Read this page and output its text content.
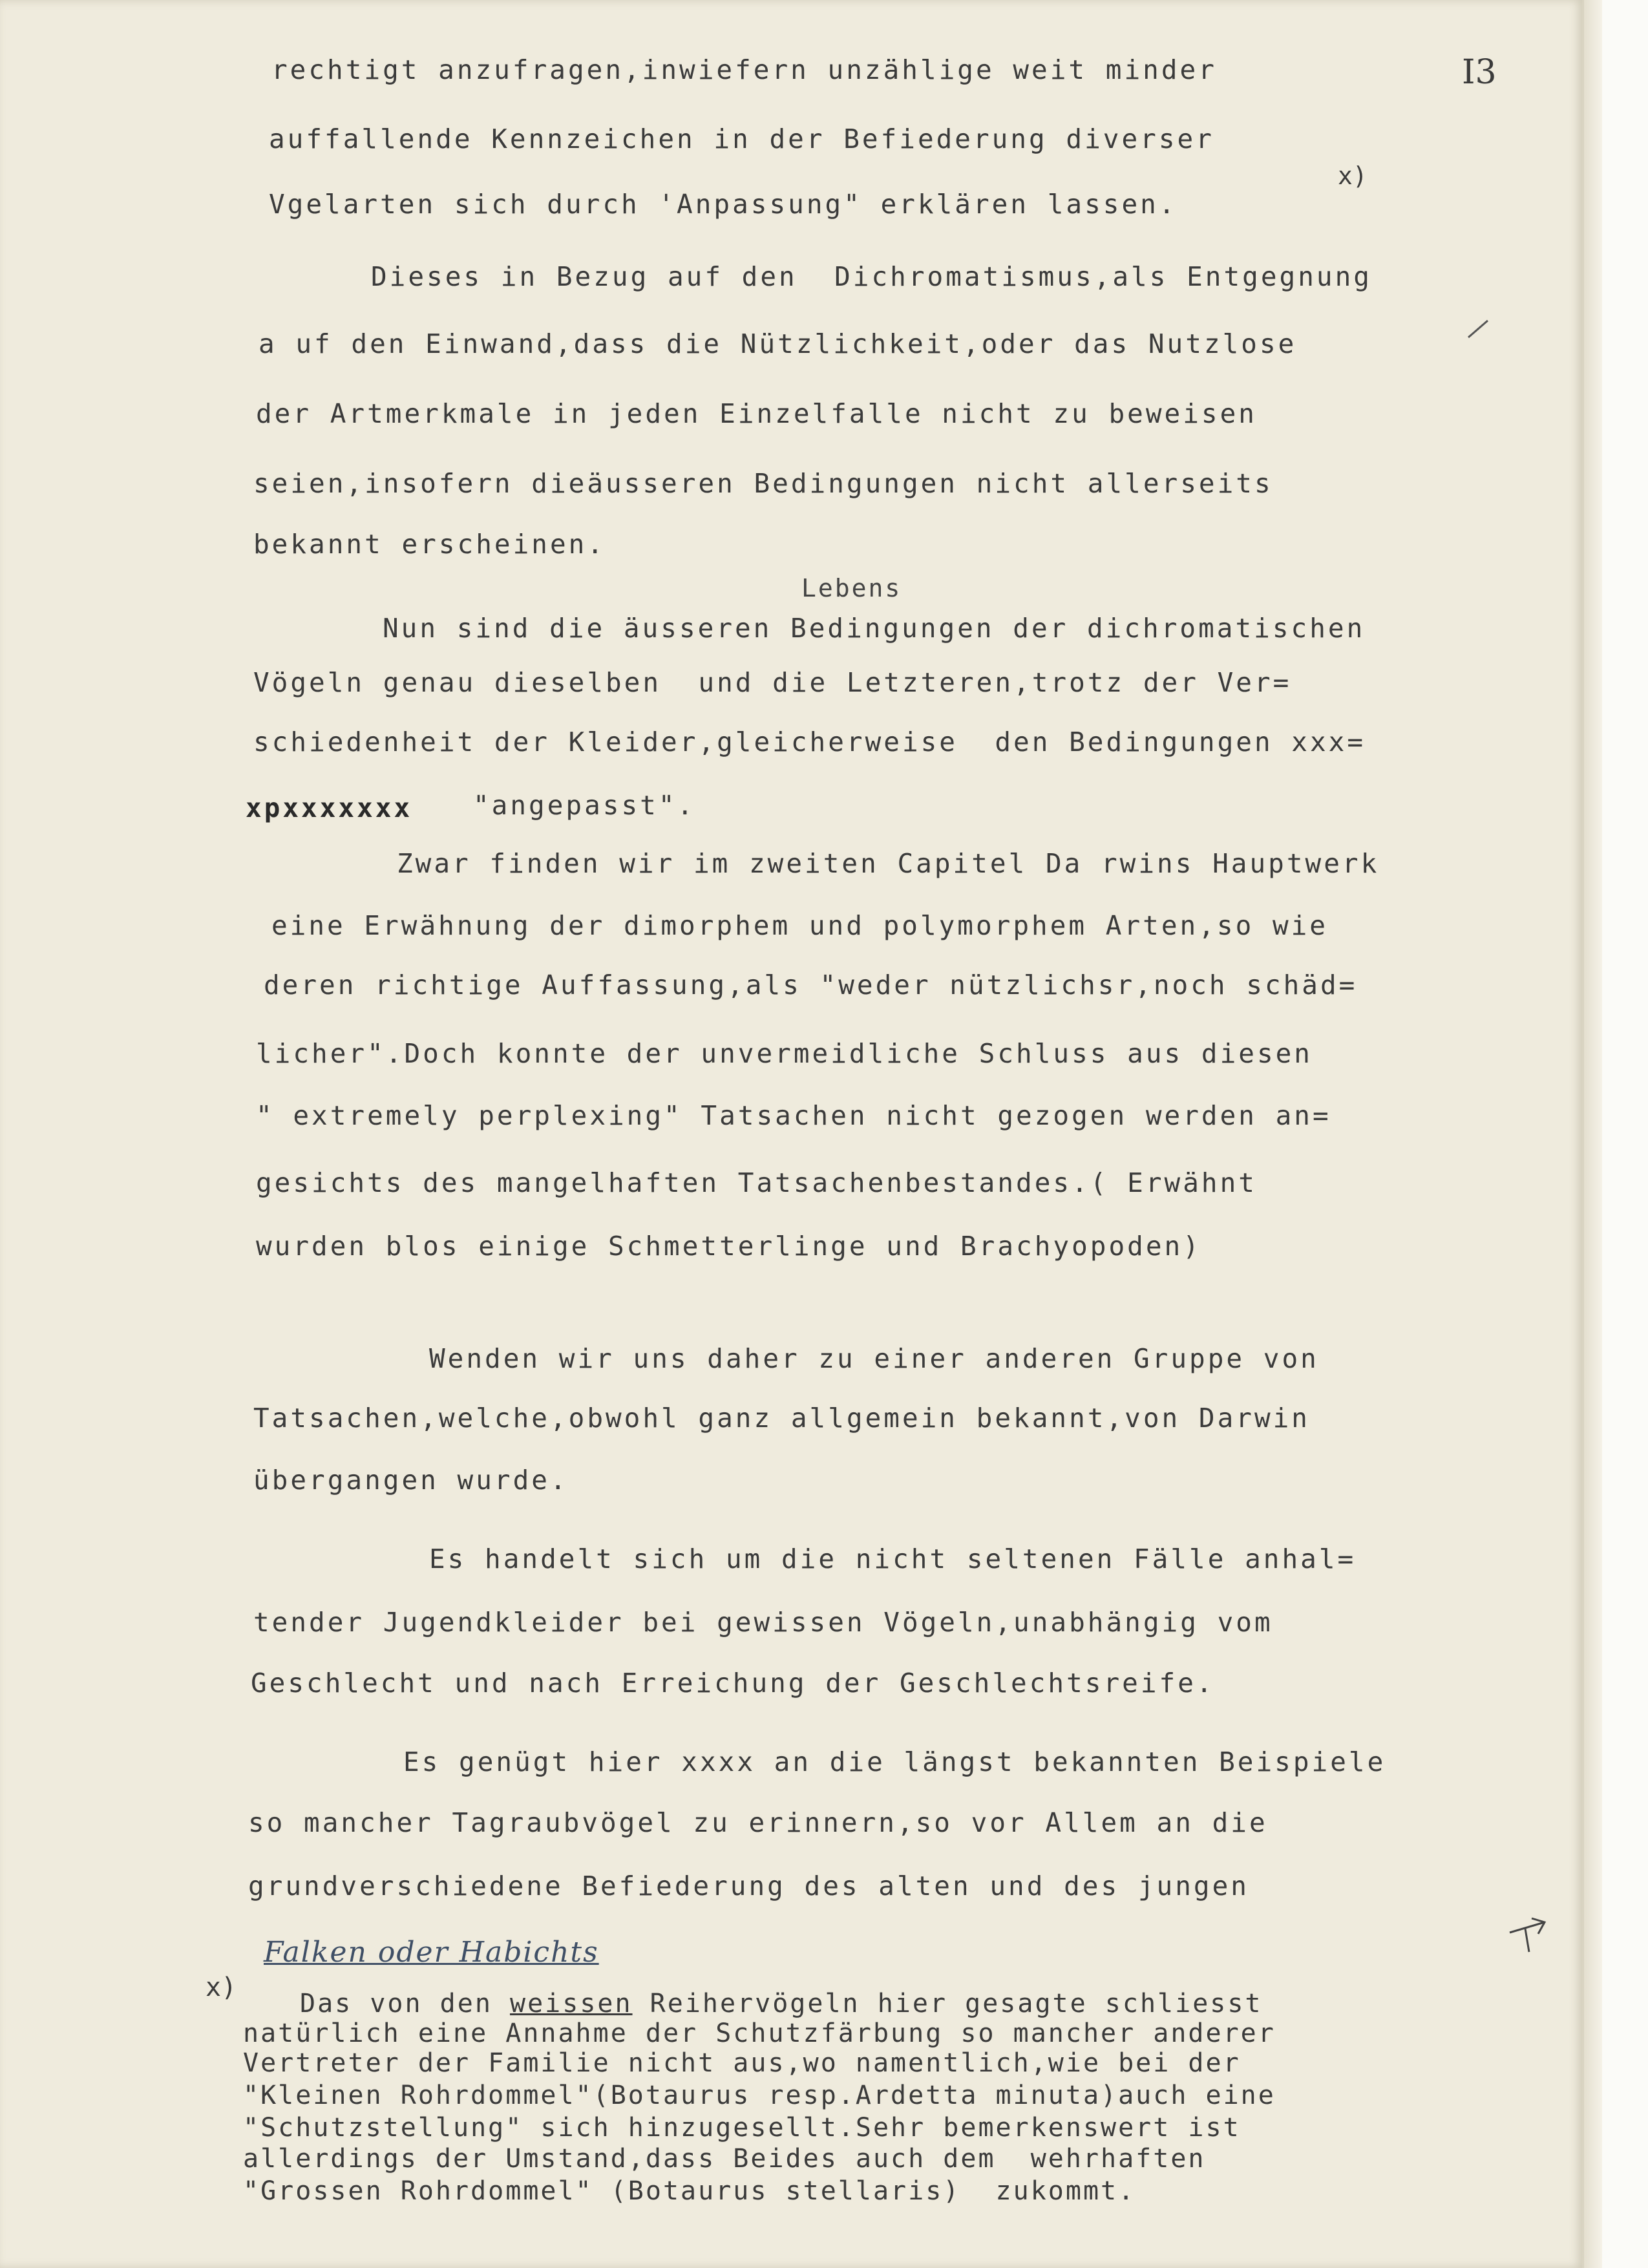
I3
rechtigt anzufragen,inwiefern unzählige weit minder
auffallende Kennzeichen in der Befiederung diverser
x)
Vgelarten sich durch 'Anpassung" erklären lassen.
Dieses in Bezug auf den  Dichromatismus,als Entgegnung
a uf den Einwand,dass die Nützlichkeit,oder das Nutzlose
der Artmerkmale in jeden Einzelfalle nicht zu beweisen
seien,insofern dieäusseren Bedingungen nicht allerseits
bekannt erscheinen.
Lebens
Nun sind die äusseren Bedingungen der dichromatischen
Vögeln genau dieselben  und die Letzteren,trotz der Ver=
schiedenheit der Kleider,gleicherweise  den Bedingungen xxx=
xpxxxxxxx "angepasst".
Zwar finden wir im zweiten Capitel Da rwins Hauptwerk
eine Erwähnung der dimorphem und polymorphem Arten,so wie
deren richtige Auffassung,als "weder nützlichsr,noch schäd=
licher".Doch konnte der unvermeidliche Schluss aus diesen
" extremely perplexing" Tatsachen nicht gezogen werden an=
gesichts des mangelhaften Tatsachenbestandes.( Erwähnt
wurden blos einige Schmetterlinge und Brachyopoden)
Wenden wir uns daher zu einer anderen Gruppe von
Tatsachen,welche,obwohl ganz allgemein bekannt,von Darwin
übergangen wurde.
Es handelt sich um die nicht seltenen Fälle anhal=
tender Jugendkleider bei gewissen Vögeln,unabhängig vom
Geschlecht und nach Erreichung der Geschlechtsreife.
Es genügt hier xxxx an die längst bekannten Beispiele
so mancher Tagraubvögel zu erinnern,so vor Allem an die
grundverschiedene Befiederung des alten und des jungen
Falken oder Habichts
x)
Das von den weissen Reihervögeln hier gesagte schliesst
natürlich eine Annahme der Schutzfärbung so mancher anderer
Vertreter der Familie nicht aus,wo namentlich,wie bei der
"Kleinen Rohrdommel"(Botaurus resp.Ardetta minuta)auch eine
"Schutzstellung" sich hinzugesellt.Sehr bemerkenswert ist
allerdings der Umstand,dass Beides auch dem  wehrhaften
"Grossen Rohrdommel" (Botaurus stellaris)  zukommt.
